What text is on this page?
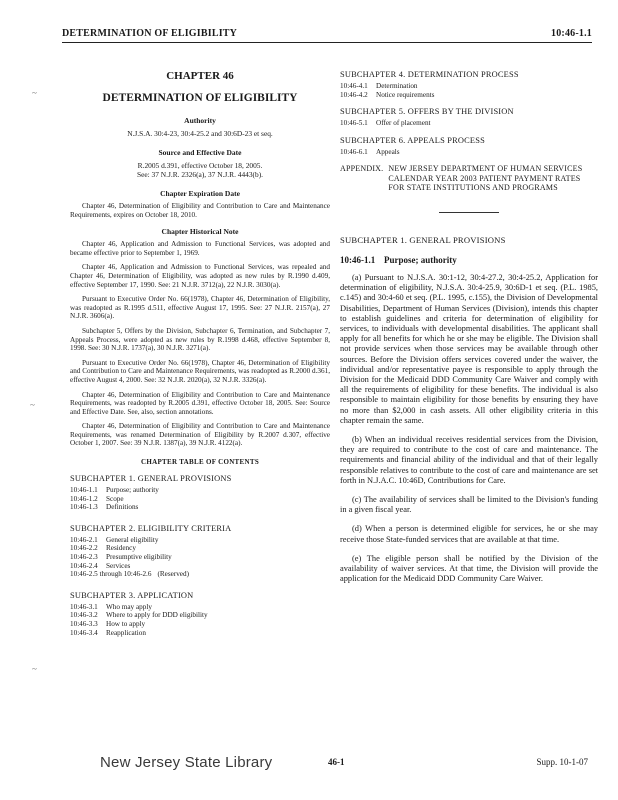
DETERMINATION OF ELIGIBILITY	10:46-1.1
~
~
~
CHAPTER 46
DETERMINATION OF ELIGIBILITY
Authority
N.J.S.A. 30:4-23, 30:4-25.2 and 30:6D-23 et seq.
Source and Effective Date
R.2005 d.391, effective October 18, 2005.
See: 37 N.J.R. 2326(a), 37 N.J.R. 4443(b).
Chapter Expiration Date
Chapter 46, Determination of Eligibility and Contribution to Care and Maintenance Requirements, expires on October 18, 2010.
Chapter Historical Note
Chapter 46, Application and Admission to Functional Services, was adopted and became effective prior to September 1, 1969.
Chapter 46, Application and Admission to Functional Services, was repealed and Chapter 46, Determination of Eligibility, was adopted as new rules by R.1990 d.409, effective September 17, 1990. See: 21 N.J.R. 3712(a), 22 N.J.R. 3030(a).
Pursuant to Executive Order No. 66(1978), Chapter 46, Determination of Eligibility, was readopted as R.1995 d.511, effective August 17, 1995. See: 27 N.J.R. 2157(a), 27 N.J.R. 3606(a).
Subchapter 5, Offers by the Division, Subchapter 6, Termination, and Subchapter 7, Appeals Process, were adopted as new rules by R.1998 d.468, effective September 8, 1998. See: 30 N.J.R. 1737(a), 30 N.J.R. 3271(a).
Pursuant to Executive Order No. 66(1978), Chapter 46, Determination of Eligibility and Contribution to Care and Maintenance Requirements, was readopted as R.2000 d.361, effective August 4, 2000. See: 32 N.J.R. 2020(a), 32 N.J.R. 3326(a).
Chapter 46, Determination of Eligibility and Contribution to Care and Maintenance Requirements, was readopted by R.2005 d.391, effective October 18, 2005. See: Source and Effective Date. See, also, section annotations.
Chapter 46, Determination of Eligibility and Contribution to Care and Maintenance Requirements, was renamed Determination of Eligibility by R.2007 d.307, effective October 1, 2007. See: 39 N.J.R. 1387(a), 39 N.J.R. 4122(a).
CHAPTER TABLE OF CONTENTS
SUBCHAPTER 1. GENERAL PROVISIONS
10:46-1.1	Purpose; authority
10:46-1.2	Scope
10:46-1.3	Definitions
SUBCHAPTER 2. ELIGIBILITY CRITERIA
10:46-2.1	General eligibility
10:46-2.2	Residency
10:46-2.3	Presumptive eligibility
10:46-2.4	Services
10:46-2.5 through 10:46-2.6 (Reserved)
SUBCHAPTER 3. APPLICATION
10:46-3.1	Who may apply
10:46-3.2	Where to apply for DDD eligibility
10:46-3.3	How to apply
10:46-3.4	Reapplication
SUBCHAPTER 4. DETERMINATION PROCESS
10:46-4.1	Determination
10:46-4.2	Notice requirements
SUBCHAPTER 5. OFFERS BY THE DIVISION
10:46-5.1	Offer of placement
SUBCHAPTER 6. APPEALS PROCESS
10:46-6.1	Appeals
APPENDIX. NEW JERSEY DEPARTMENT OF HUMAN SERVICES CALENDAR YEAR 2003 PATIENT PAYMENT RATES FOR STATE INSTITUTIONS AND PROGRAMS
SUBCHAPTER 1. GENERAL PROVISIONS
10:46-1.1 Purpose; authority
(a) Pursuant to N.J.S.A. 30:1-12, 30:4-27.2, 30:4-25.2, Application for determination of eligibility, N.J.S.A. 30:4-25.9, 30:6D-1 et seq. (P.L. 1985, c.145) and 30:4-60 et seq. (P.L. 1995, c.155), the Division of Developmental Disabilities, Department of Human Services (Division), intends this chapter to establish guidelines and criteria for determination of eligibility for services, to individuals with developmental disabilities. The applicant shall apply for all benefits for which he or she may be eligible. The Division shall not provide services when those services may be available through other sources. Before the Division offers services covered under the waiver, the individual and/or representative payee is responsible to apply through the Division for the Medicaid DDD Community Care Waiver and comply with all the requirements of eligibility for these benefits. The individual is also responsible to maintain eligibility for those benefits by ensuring they have no more than $2,000 in cash assets. All other eligibility criteria in this chapter remain the same.
(b) When an individual receives residential services from the Division, they are required to contribute to the cost of care and maintenance. The requirements and financial ability of the individual and that of their legally responsible relatives to contribute to the cost of care and maintenance are set forth in N.J.A.C. 10:46D, Contributions for Care.
(c) The availability of services shall be limited to the Division's funding in a given fiscal year.
(d) When a person is determined eligible for services, he or she may receive those State-funded services that are available at that time.
(e) The eligible person shall be notified by the Division of the availability of waiver services. At that time, the Division will provide the application for the Medicaid DDD Community Care Waiver.
New Jersey State Library	46-1	Supp. 10-1-07
